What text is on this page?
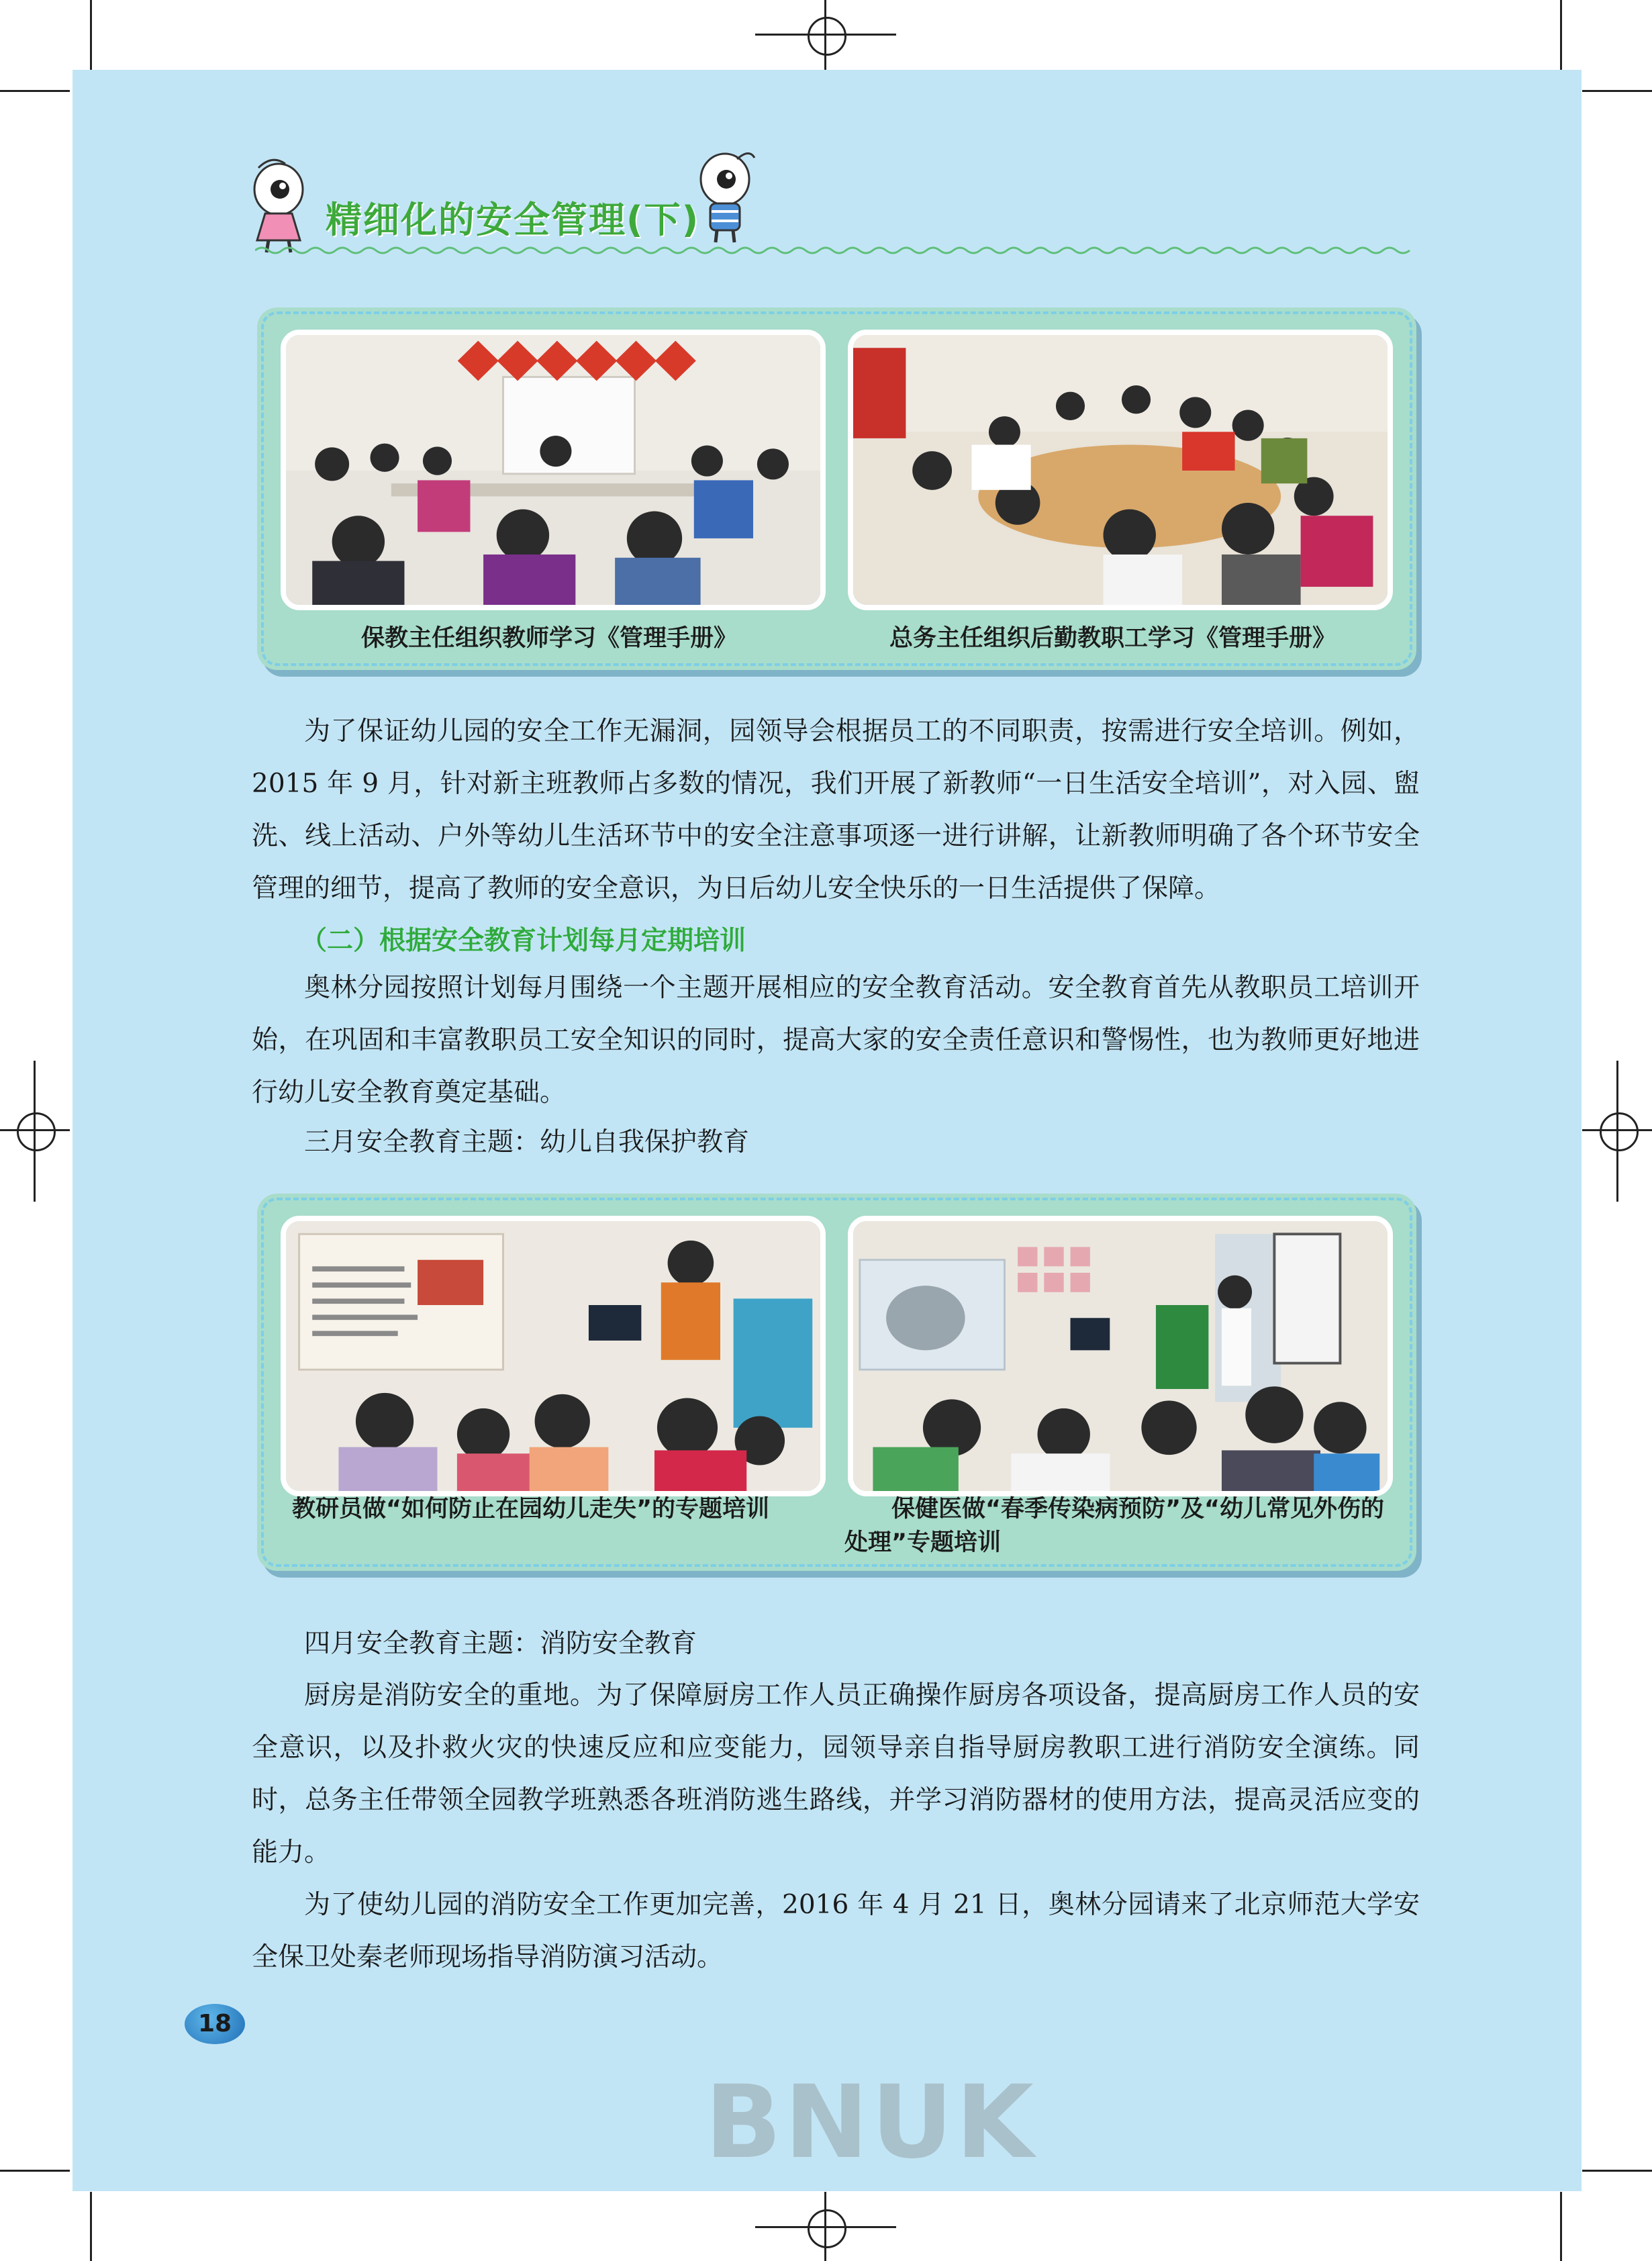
精细化的安全管理(下)
保教主任组织教师学习《管理手册》	总务主任组织后勤教职工学习《管理手册》

为了保证幼儿园的安全工作无漏洞，园领导会根据员工的不同职责，按需进行安全培训。例如，2015 年 9 月，针对新主班教师占多数的情况，我们开展了新教师“一日生活安全培训”，对入园、盥洗、线上活动、户外等幼儿生活环节中的安全注意事项逐一进行讲解，让新教师明确了各个环节安全管理的细节，提高了教师的安全意识，为日后幼儿安全快乐的一日生活提供了保障。

（二）根据安全教育计划每月定期培训

奥林分园按照计划每月围绕一个主题开展相应的安全教育活动。安全教育首先从教职员工培训开始，在巩固和丰富教职员工安全知识的同时，提高大家的安全责任意识和警惕性，也为教师更好地进行幼儿安全教育奠定基础。

三月安全教育主题：幼儿自我保护教育

教研员做“如何防止在园幼儿走失”的专题培训	保健医做“春季传染病预防”及“幼儿常见外伤的处理”专题培训

四月安全教育主题：消防安全教育

厨房是消防安全的重地。为了保障厨房工作人员正确操作厨房各项设备，提高厨房工作人员的安全意识，以及扑救火灾的快速反应和应变能力，园领导亲自指导厨房教职工进行消防安全演练。同时，总务主任带领全园教学班熟悉各班消防逃生路线，并学习消防器材的使用方法，提高灵活应变的能力。

为了使幼儿园的消防安全工作更加完善，2016 年 4 月 21 日，奥林分园请来了北京师范大学安全保卫处秦老师现场指导消防演习活动。

18
BNUK
